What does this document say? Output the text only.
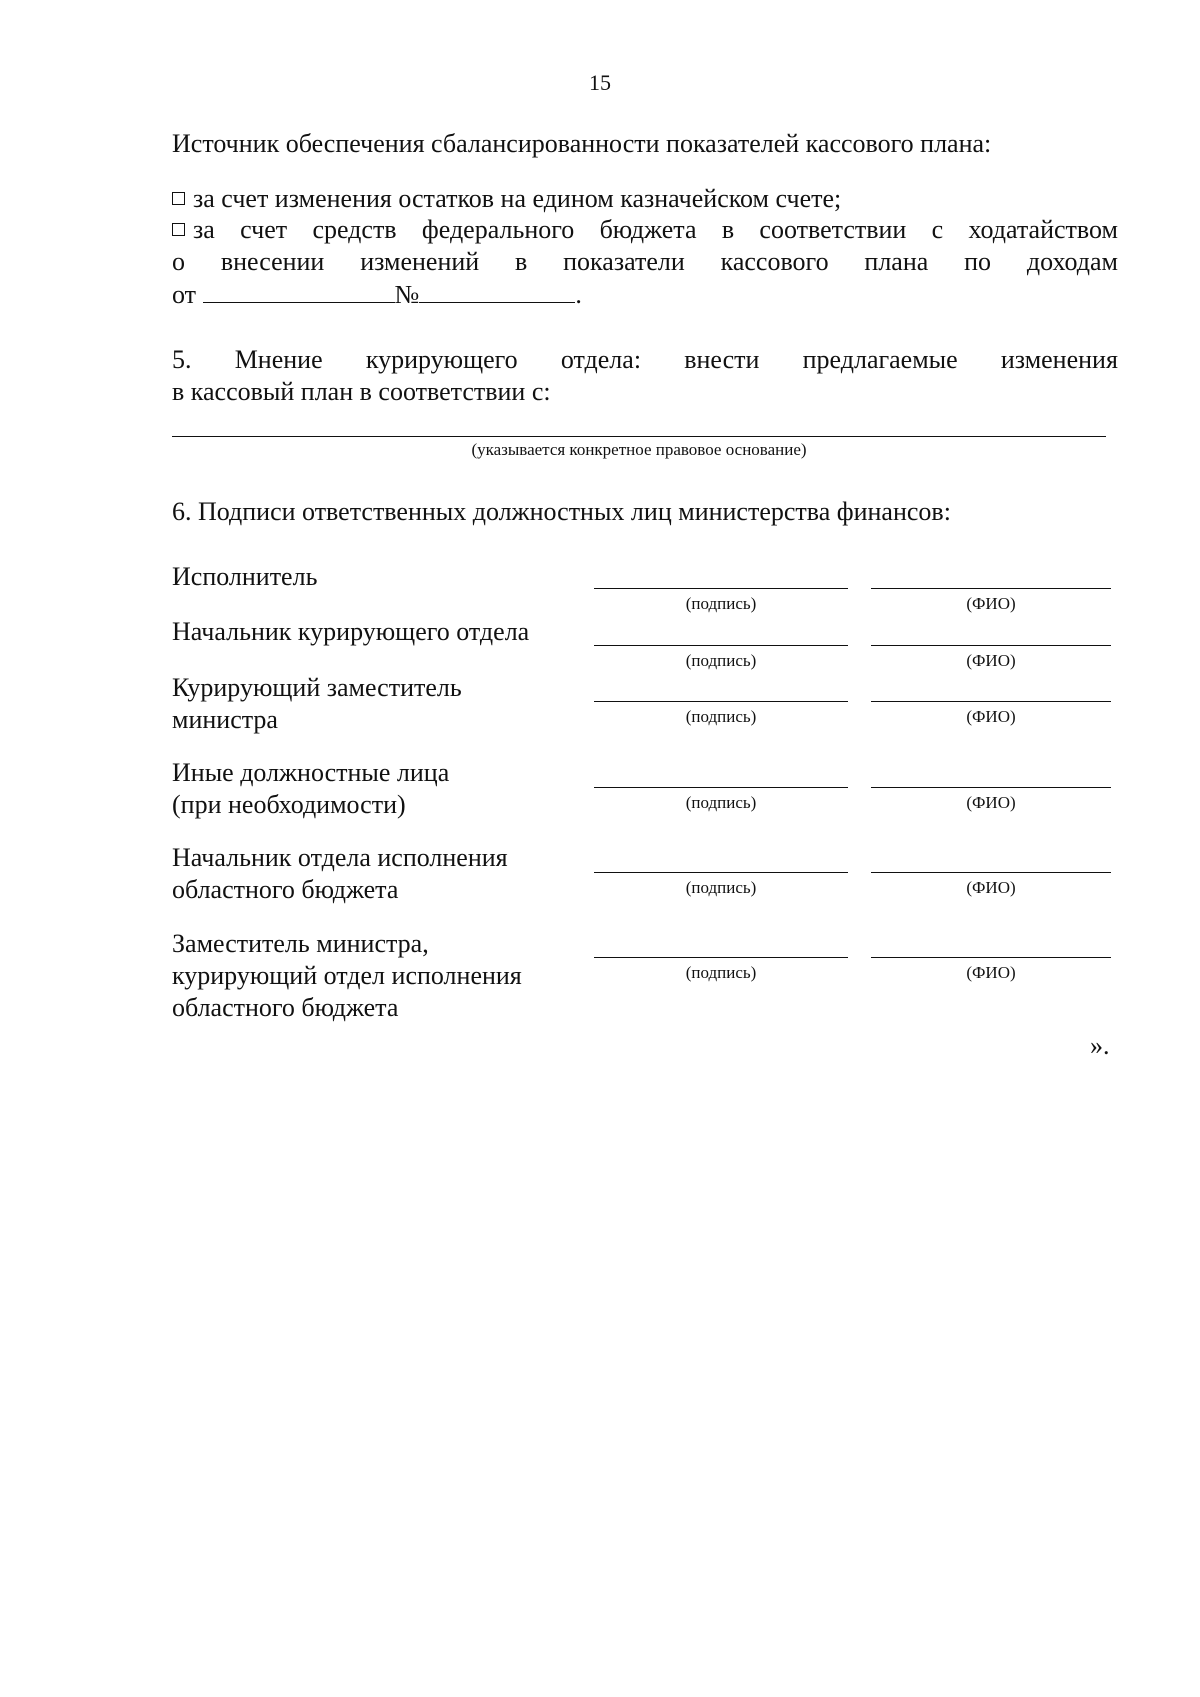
15
Источник обеспечения сбалансированности показателей кассового плана:
за счет изменения остатков на едином казначейском счете;
за счет средств федерального бюджета в соответствии с ходатайством
о внесении изменений в показатели кассового плана по доходам
от	№	.
5. Мнение курирующего отдела: внести предлагаемые изменения
в кассовый план в соответствии с:
(указывается конкретное правовое основание)
6. Подписи ответственных должностных лиц министерства финансов:
Исполнитель
(подпись)	(ФИО)
Начальник курирующего отдела
(подпись)	(ФИО)
Курирующий заместитель
министра	(подпись)	(ФИО)
Иные должностные лица
(при необходимости)	(подпись)	(ФИО)
Начальник отдела исполнения
областного бюджета	(подпись)	(ФИО)
Заместитель министра,
курирующий отдел исполнения
областного бюджета
(подпись)	(ФИО)
».
